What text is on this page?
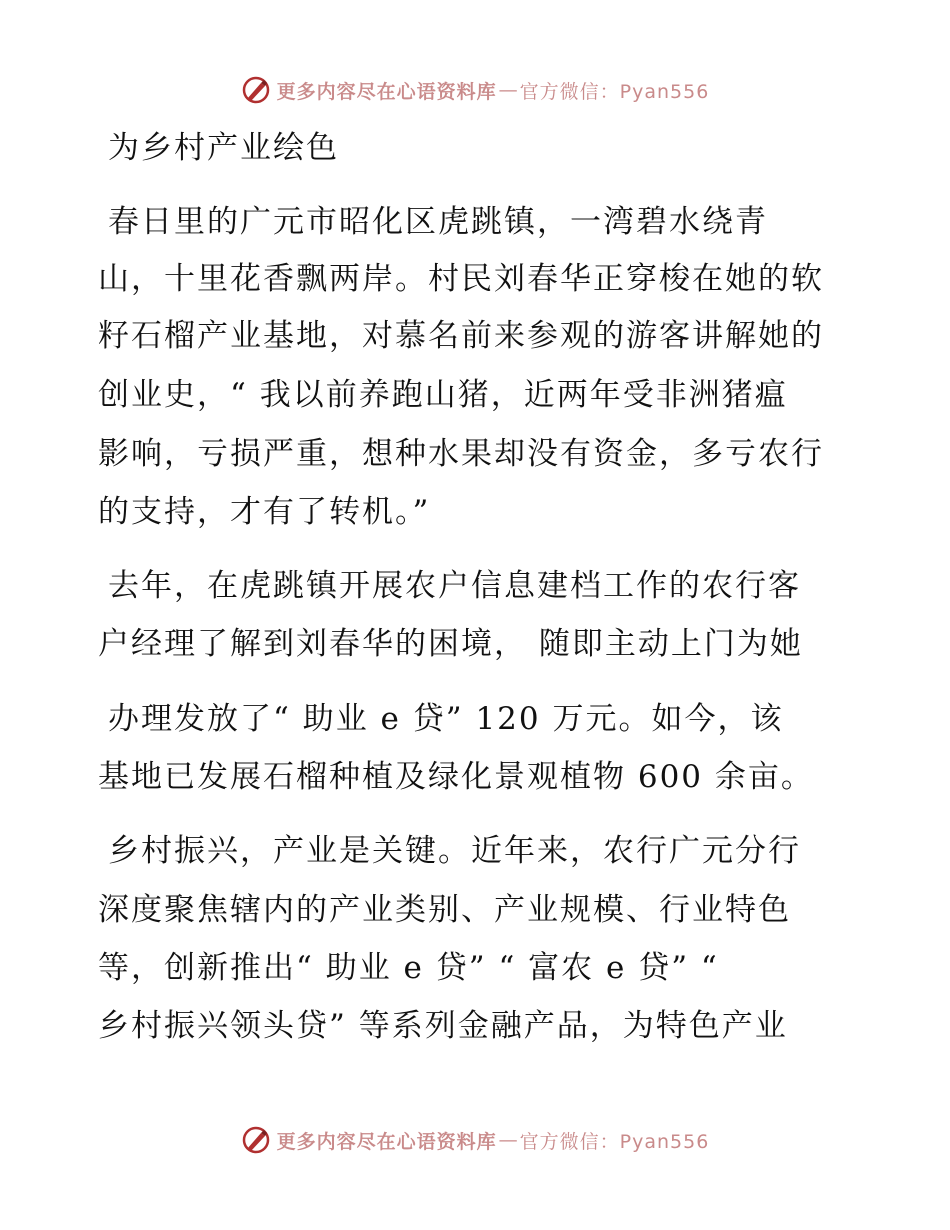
更多内容尽在心语资料库 — 官方微信：Pyan556
为乡村产业绘色
春日里的广元市昭化区虎跳镇，一湾碧水绕青
山，十里花香飘两岸。村民刘春华正穿梭在她的软
籽石榴产业基地，对慕名前来参观的游客讲解她的
创业史，“ 我以前养跑山猪，近两年受非洲猪瘟
影响，亏损严重，想种水果却没有资金，多亏农行
的支持，才有了转机。”
去年，在虎跳镇开展农户信息建档工作的农行客
户经理了解到刘春华的困境， 随即主动上门为她
办理发放了“ 助业 e 贷” 120 万元。如今，该
基地已发展石榴种植及绿化景观植物 600 余亩。
乡村振兴，产业是关键。近年来，农行广元分行
深度聚焦辖内的产业类别、产业规模、行业特色
等，创新推出“ 助业 e 贷” “ 富农 e 贷” “
乡村振兴领头贷” 等系列金融产品，为特色产业
更多内容尽在心语资料库 — 官方微信：Pyan556
